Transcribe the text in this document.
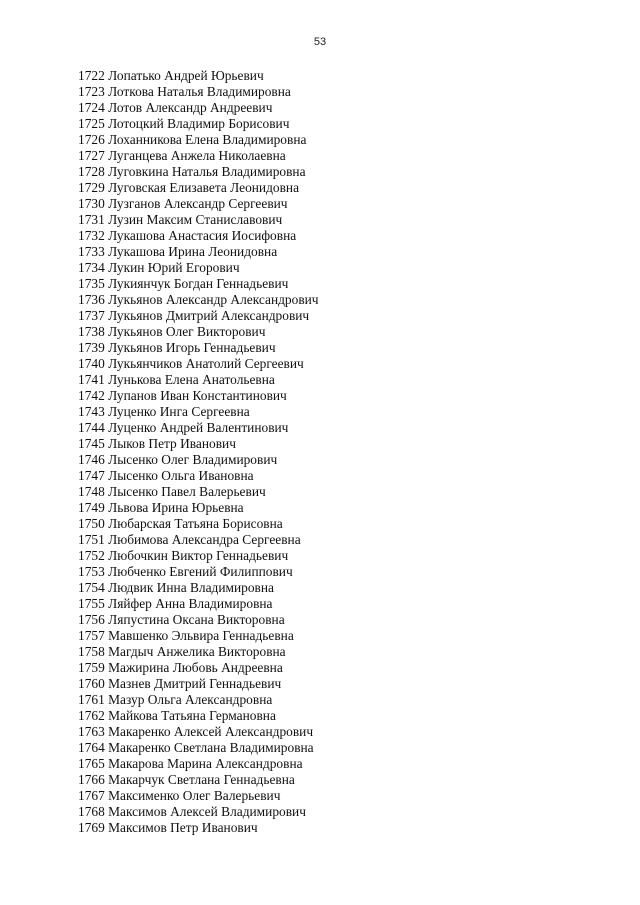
53
1722 Лопатько Андрей Юрьевич
1723 Лоткова Наталья Владимировна
1724 Лотов Александр Андреевич
1725 Лотоцкий Владимир Борисович
1726 Лоханникова Елена Владимировна
1727 Луганцева Анжела Николаевна
1728 Луговкина Наталья Владимировна
1729 Луговская Елизавета Леонидовна
1730 Лузганов Александр Сергеевич
1731 Лузин Максим Станиславович
1732 Лукашова Анастасия Иосифовна
1733 Лукашова Ирина Леонидовна
1734 Лукин Юрий Егорович
1735 Лукиянчук Богдан Геннадьевич
1736 Лукьянов Александр Александрович
1737 Лукьянов Дмитрий Александрович
1738 Лукьянов Олег Викторович
1739 Лукьянов Игорь Геннадьевич
1740 Лукьянчиков Анатолий Сергеевич
1741 Лунькова Елена Анатольевна
1742 Лупанов Иван Константинович
1743 Луценко Инга Сергеевна
1744 Луценко Андрей Валентинович
1745 Лыков Петр Иванович
1746 Лысенко Олег Владимирович
1747 Лысенко Ольга Ивановна
1748 Лысенко Павел Валерьевич
1749 Львова Ирина Юрьевна
1750 Любарская Татьяна Борисовна
1751 Любимова Александра Сергеевна
1752 Любочкин Виктор Геннадьевич
1753 Любченко Евгений Филиппович
1754 Людвик Инна Владимировна
1755 Ляйфер Анна Владимировна
1756 Ляпустина Оксана Викторовна
1757 Мавшенко Эльвира Геннадьевна
1758 Магдыч Анжелика Викторовна
1759 Мажирина Любовь Андреевна
1760 Мазнев Дмитрий Геннадьевич
1761 Мазур Ольга Александровна
1762 Майкова Татьяна Германовна
1763 Макаренко Алексей Александрович
1764 Макаренко Светлана Владимировна
1765 Макарова Марина Александровна
1766 Макарчук Светлана Геннадьевна
1767 Максименко Олег Валерьевич
1768 Максимов Алексей Владимирович
1769 Максимов Петр Иванович
